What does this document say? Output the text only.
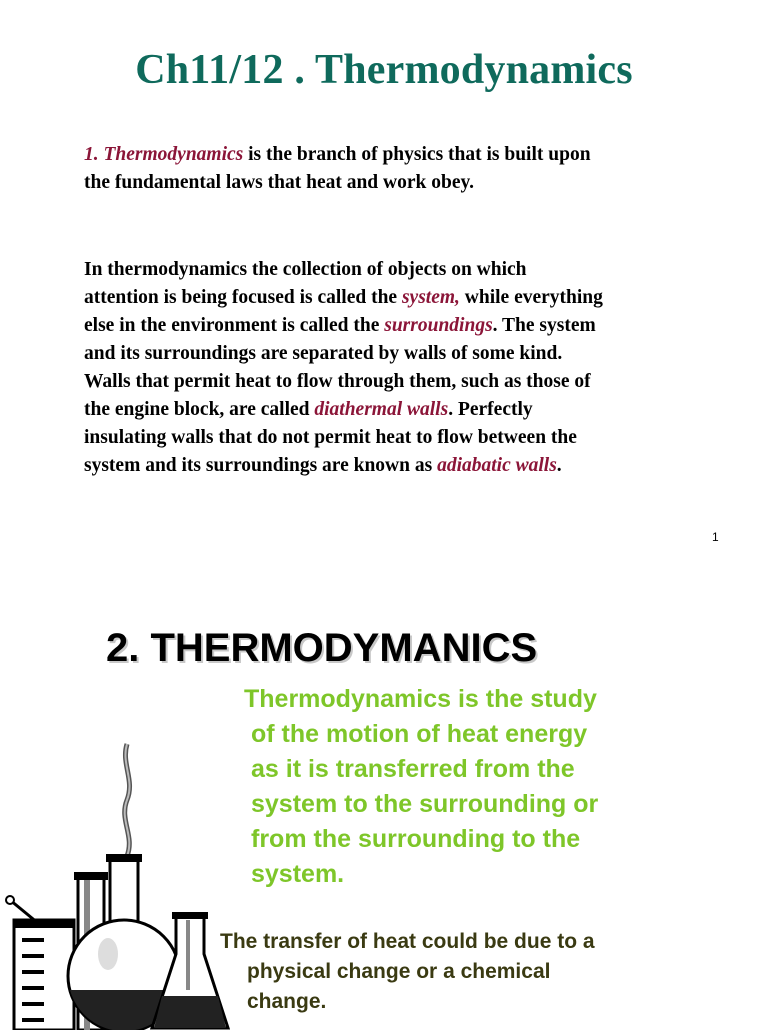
Ch11/12 . Thermodynamics

1. Thermodynamics is the branch of physics that is built upon
the fundamental laws that heat and work obey.

In thermodynamics the collection of objects on which
attention is being focused is called the system, while everything
else in the environment is called the surroundings. The system
and its surroundings are separated by walls of some kind.
Walls that permit heat to flow through them, such as those of
the engine block, are called diathermal walls. Perfectly
insulating walls that do not permit heat to flow between the
system and its surroundings are known as adiabatic walls.

1
2. THERMODYMANICS

Thermodynamics is the study
of the motion of heat energy
as it is transferred from the
system to the surrounding or
from the surrounding to the
system.

The transfer of heat could be due to a
physical change or a chemical
change.
